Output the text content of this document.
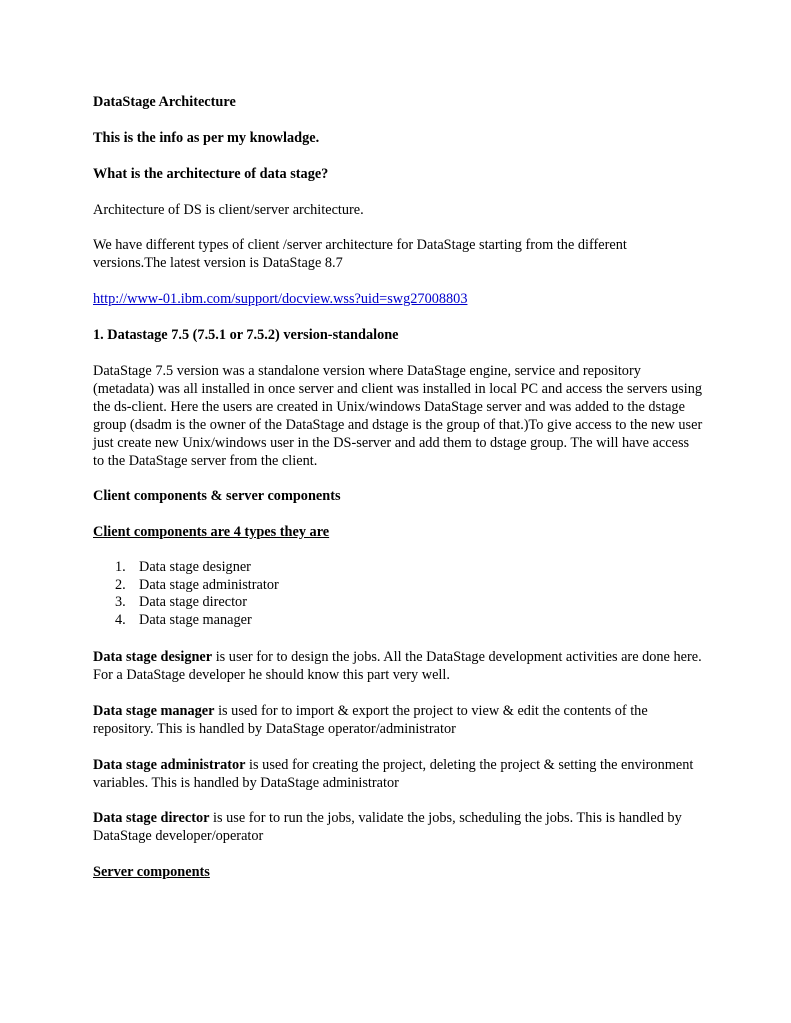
DataStage Architecture

This is the info as per my knowladge.

What is the architecture of data stage?

Architecture of DS is client/server architecture.

We have different types of client /server architecture for DataStage starting from the different versions.The latest version is DataStage 8.7

http://www-01.ibm.com/support/docview.wss?uid=swg27008803

1. Datastage 7.5 (7.5.1 or 7.5.2) version-standalone

DataStage 7.5 version was a standalone version where DataStage engine, service and repository (metadata) was all installed in once server and client was installed in local PC and access the servers using the ds-client. Here the users are created in Unix/windows DataStage server and was added to the dstage group (dsadm is the owner of the DataStage and dstage is the group of that.)To give access to the new user just create new Unix/windows user in the DS-server and add them to dstage group. The will have access to the DataStage server from the client.

Client components & server components

Client components are 4 types they are

1. Data stage designer
2. Data stage administrator
3. Data stage director
4. Data stage manager

Data stage designer is user for to design the jobs. All the DataStage development activities are done here. For a DataStage developer he should know this part very well.

Data stage manager is used for to import & export the project to view & edit the contents of the repository. This is handled by DataStage operator/administrator

Data stage administrator is used for creating the project, deleting the project & setting the environment variables. This is handled by DataStage administrator

Data stage director is use for to run the jobs, validate the jobs, scheduling the jobs. This is handled by DataStage developer/operator

Server components
